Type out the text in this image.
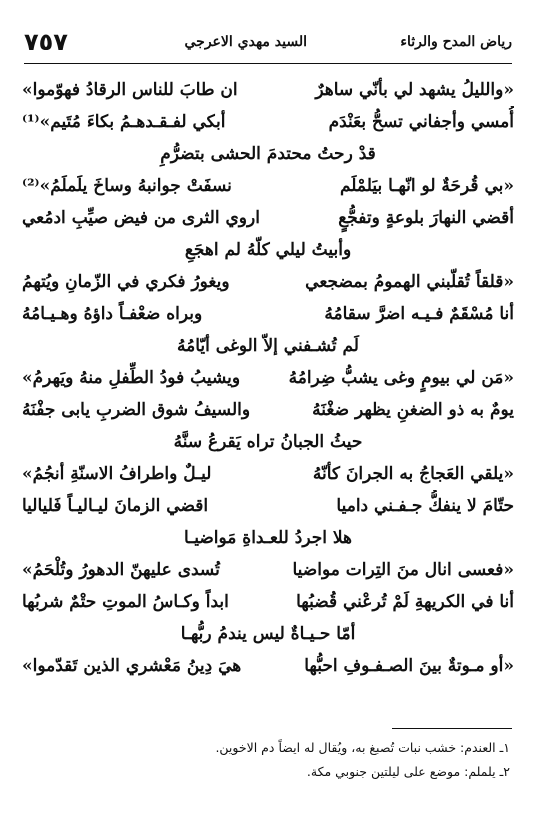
رياض المدح والرثاء
السيد مهدي الاعرجي
٧٥٧
«والليلُ يشهد لي بأنّي ساهرٌ
ان طابَ للناس الرقادُ فهوّموا»
أُمسي وأجفاني تسحُّ بعَنْدَم
أبكي لفـقـدهـمُ بكاءَ مُتَيم»⁽¹⁾
قدْ رحتُ محتدمَ الحشى بتضرُّمِ
«بي قُرحَةٌ لو انّهـا بيَلمْلَم
نسفَتْ جوانبهُ وساخَ يلَملَمُ»⁽²⁾
أقضي النهارَ بلوعةٍ وتفجُّعٍ
اروي الثرى من فيض صيِّبِ ادمُعي
وأبيتُ ليلي كلّهُ لم اهجَعِ
«قلقاً تُقلّبني الهمومُ بمضجعي
ويغورُ فكري في الزّمانِ ويُتهمُ
أنا مُسْقَمٌ فـيـه اضرَّ سقامُهُ
وبراه ضعْفـاً داؤهُ وهـيـامُهُ
لَم تُشـفني إلاّ الوغى أيّامُهُ
«مَن لي بيومٍ وغى يشبُّ ضِرامُهُ
ويشيبُ فودُ الطِّفلِ منهُ ويَهرمُ»
يومٌ به ذو الضغنِ يظهر ضغْنَهُ
والسيفُ شوق الضربِ يابى جفْنَهُ
حيثُ الجبانُ تراه يَقرعُ سنَّهُ
«يلقي العَجاجُ به الجرانَ كأنّهُ
ليـلٌ واطرافُ الاسنّةِ أنجُمُ»
حتّامَ لا ينفكُّ جـفـني داميا
اقضي الزمانَ ليـاليـاً فَلياليا
هلا اجردُ للعـداةِ مَواضيـا
«فعسى انال منَ التِرات مواضيا
تُسدى عليهنّ الدهورُ وتُلْحَمُ»
أنا في الكريهةِ لَمْ تُرعْني قُضبُها
ابداً وكـاسُ الموتِ حتْمٌ شربُها
أمّا حـيـاةٌ ليس يندمُ ربُّهـا
«أو مـوتةٌ بينَ الصـفـوفِ احبُّها
هيَ دِينُ مَعْشري الذين تَقدّموا»
١ـ العندم: خشب نبات تُصبغ به، ويُقال له ايضاً دم الاخوين.
٢ـ يلملم: موضع على ليلتين جنوبي مكة.
